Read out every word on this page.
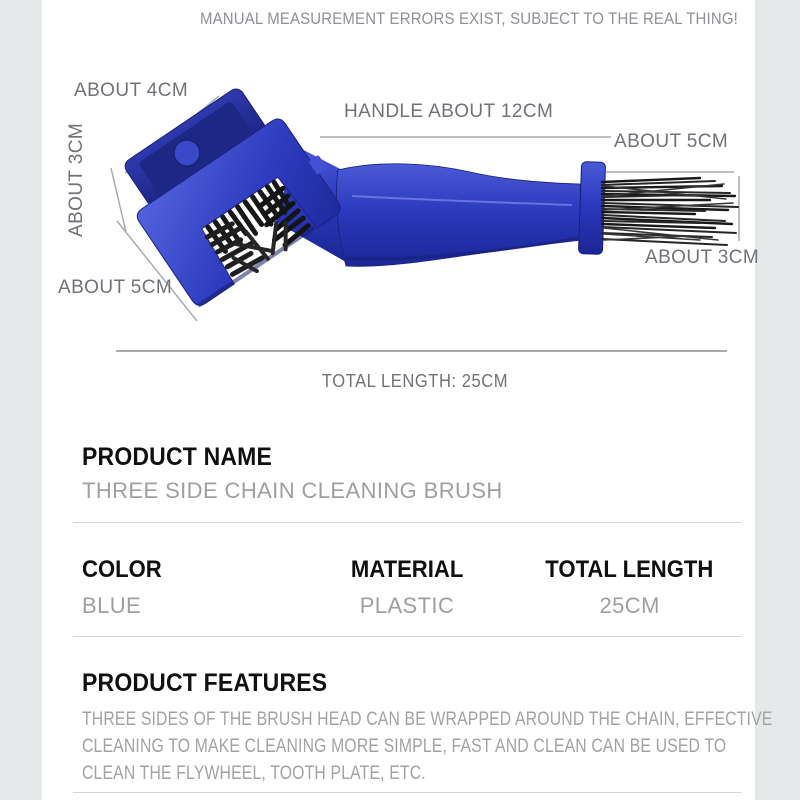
MANUAL MEASUREMENT ERRORS EXIST, SUBJECT TO THE REAL THING!
ABOUT 4CM
ABOUT 3CM
HANDLE ABOUT 12CM
ABOUT 5CM
ABOUT 3CM
ABOUT 5CM
TOTAL LENGTH: 25CM
PRODUCT NAME
THREE SIDE CHAIN CLEANING BRUSH
COLOR
BLUE
MATERIAL
PLASTIC
TOTAL LENGTH
25CM
PRODUCT FEATURES
THREE SIDES OF THE BRUSH HEAD CAN BE WRAPPED AROUND THE CHAIN, EFFECTIVE
CLEANING TO MAKE CLEANING MORE SIMPLE, FAST AND CLEAN CAN BE USED TO
CLEAN THE FLYWHEEL, TOOTH PLATE, ETC.
